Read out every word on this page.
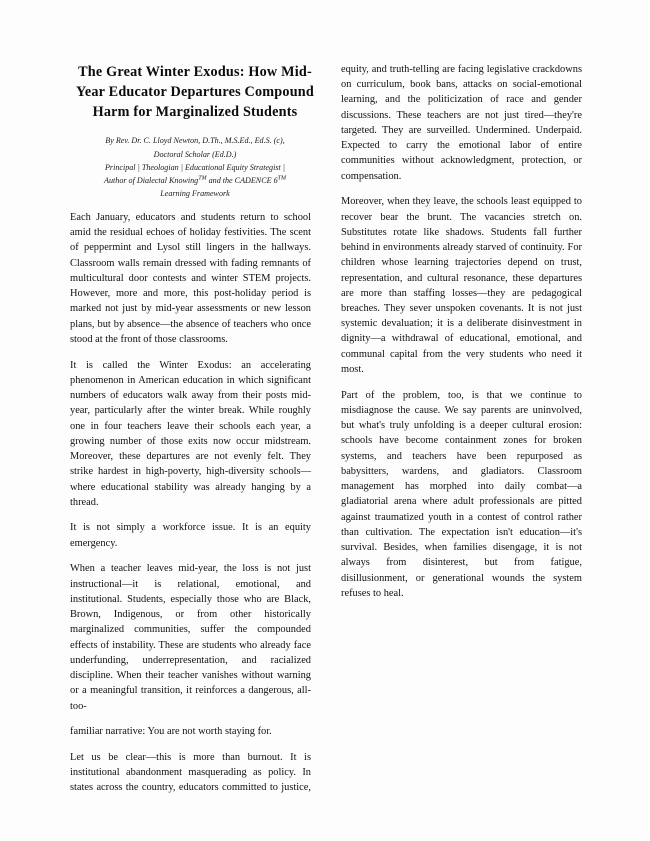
The Great Winter Exodus: How Mid-Year Educator Departures Compound Harm for Marginalized Students
By Rev. Dr. C. Lloyd Newton, D.Th., M.S.Ed., Ed.S. (c),
Doctoral Scholar (Ed.D.)
Principal | Theologian | Educational Equity Strategist |
Author of Dialectal Knowing™ and the CADENCE 6™
Learning Framework

Each January, educators and students return to school amid the residual echoes of holiday festivities. The scent of peppermint and Lysol still lingers in the hallways. Classroom walls remain dressed with fading remnants of multicultural door contests and winter STEM projects. However, more and more, this post-holiday period is marked not just by mid-year assessments or new lesson plans, but by absence—the absence of teachers who once stood at the front of those classrooms.

It is called the Winter Exodus: an accelerating phenomenon in American education in which significant numbers of educators walk away from their posts mid-year, particularly after the winter break. While roughly one in four teachers leave their schools each year, a growing number of those exits now occur midstream. Moreover, these departures are not evenly felt. They strike hardest in high-poverty, high-diversity schools—where educational stability was already hanging by a thread.

It is not simply a workforce issue. It is an equity emergency.

When a teacher leaves mid-year, the loss is not just instructional—it is relational, emotional, and institutional. Students, especially those who are Black, Brown, Indigenous, or from other historically marginalized communities, suffer the compounded effects of instability. These are students who already face underfunding, underrepresentation, and racialized discipline. When their teacher vanishes without warning or a meaningful transition, it reinforces a dangerous, all-too-

familiar narrative: You are not worth staying for.

Let us be clear—this is more than burnout. It is institutional abandonment masquerading as policy. In states across the country, educators committed to justice, equity, and truth-telling are facing legislative crackdowns on curriculum, book bans, attacks on social-emotional learning, and the politicization of race and gender discussions. These teachers are not just tired—they're targeted. They are surveilled. Undermined. Underpaid. Expected to carry the emotional labor of entire communities without acknowledgment, protection, or compensation.

Moreover, when they leave, the schools least equipped to recover bear the brunt. The vacancies stretch on. Substitutes rotate like shadows. Students fall further behind in environments already starved of continuity. For children whose learning trajectories depend on trust, representation, and cultural resonance, these departures are more than staffing losses—they are pedagogical breaches. They sever unspoken covenants. It is not just systemic devaluation; it is a deliberate disinvestment in dignity—a withdrawal of educational, emotional, and communal capital from the very students who need it most.

Part of the problem, too, is that we continue to misdiagnose the cause. We say parents are uninvolved, but what's truly unfolding is a deeper cultural erosion: schools have become containment zones for broken systems, and teachers have been repurposed as babysitters, wardens, and gladiators. Classroom management has morphed into daily combat—a gladiatorial arena where adult professionals are pitted against traumatized youth in a contest of control rather than cultivation. The expectation isn't education—it's survival. Besides, when families disengage, it is not always from disinterest, but from fatigue, disillusionment, or generational wounds the system refuses to heal.
